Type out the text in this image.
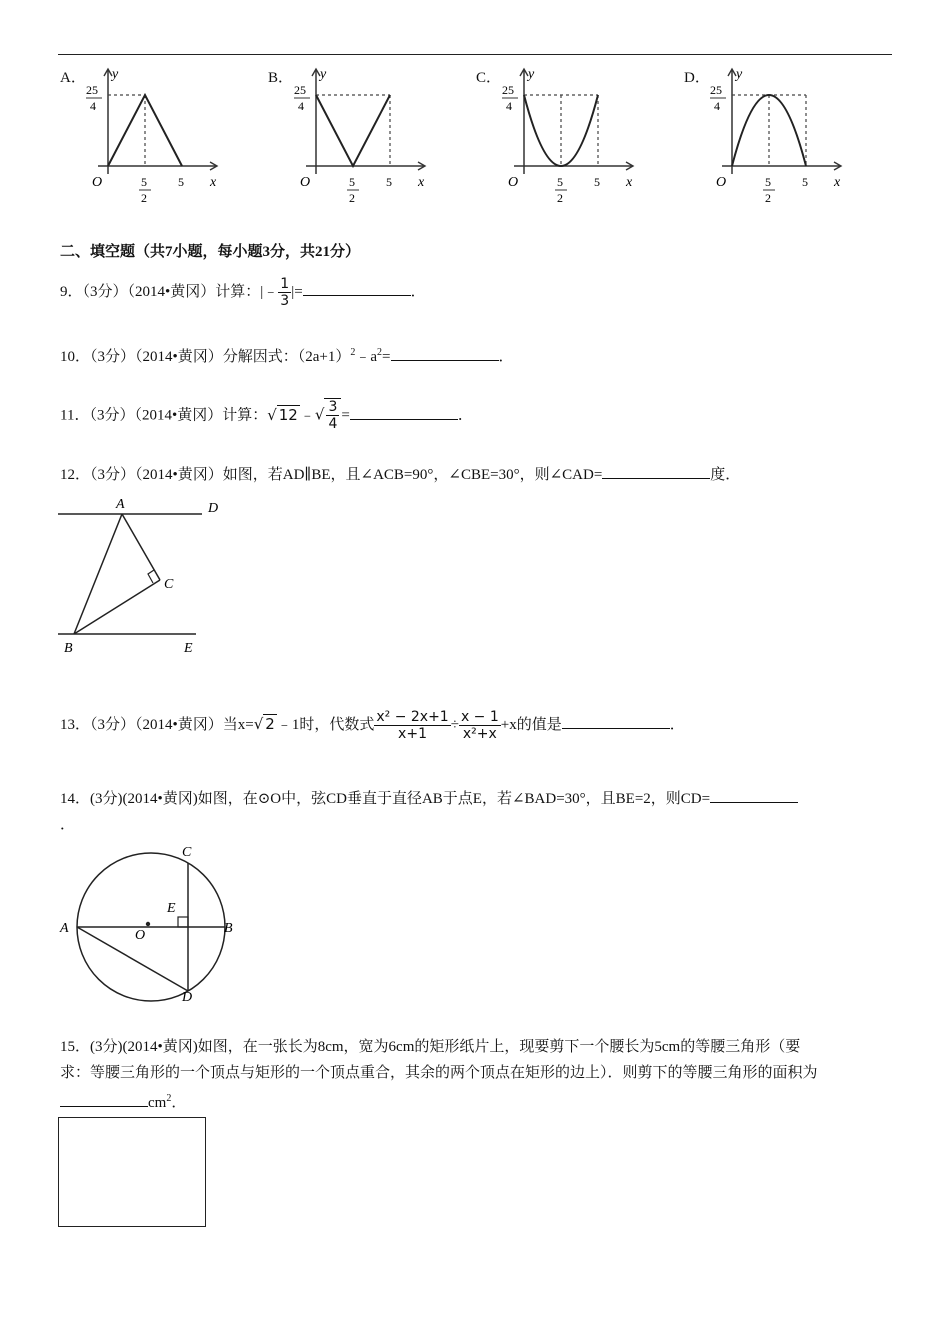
A． y
x
O
25
4
5
2
5
B． y
x
O
25
4
5
2
5
C． y
x
O
25
4
5
2
5
D． y
x
O
25
4
5
2
5
二、填空题（共7小题，每小题3分，共21分）
9．（3分）（2014•黄冈）计算：|﹣ $\frac{1}{3}$ |=	．
10．（3分）（2014•黄冈）分解因式：$(2a+1)^2﹣a^2=$	．
11．（3分）（2014•黄冈）计算：√ 12 ﹣√ $\frac{3}{4}$ =	．
12．（3分）（2014•黄冈）如图，若AD∥BE，且∠ACB=90°，∠CBE=30°，则∠CAD=	度．
A	D
C
B	E
13．（3分）（2014•黄冈）当x=√ 2 ﹣1时，代数式 $\frac{\text{x² − 2x+1}}{x+1} \div \frac{x - 1}{\text{x²+x}} +x$的值是	．
14．(3分)(2014•黄冈)如图，在⊙O中，弦CD垂直于直径AB于点E，若∠BAD=30°，且BE=2，则CD=
．
A	B
C
D
E
O
15．(3分)(2014•黄冈)如图，在一张长为8cm，宽为6cm的矩形纸片上，现要剪下一个腰长为5cm的等腰三角形（要
求：等腰三角形的一个顶点与矩形的一个顶点重合，其余的两个顶点在矩形的边上）．则剪下的等腰三角形的面积为
$cm^2$．
